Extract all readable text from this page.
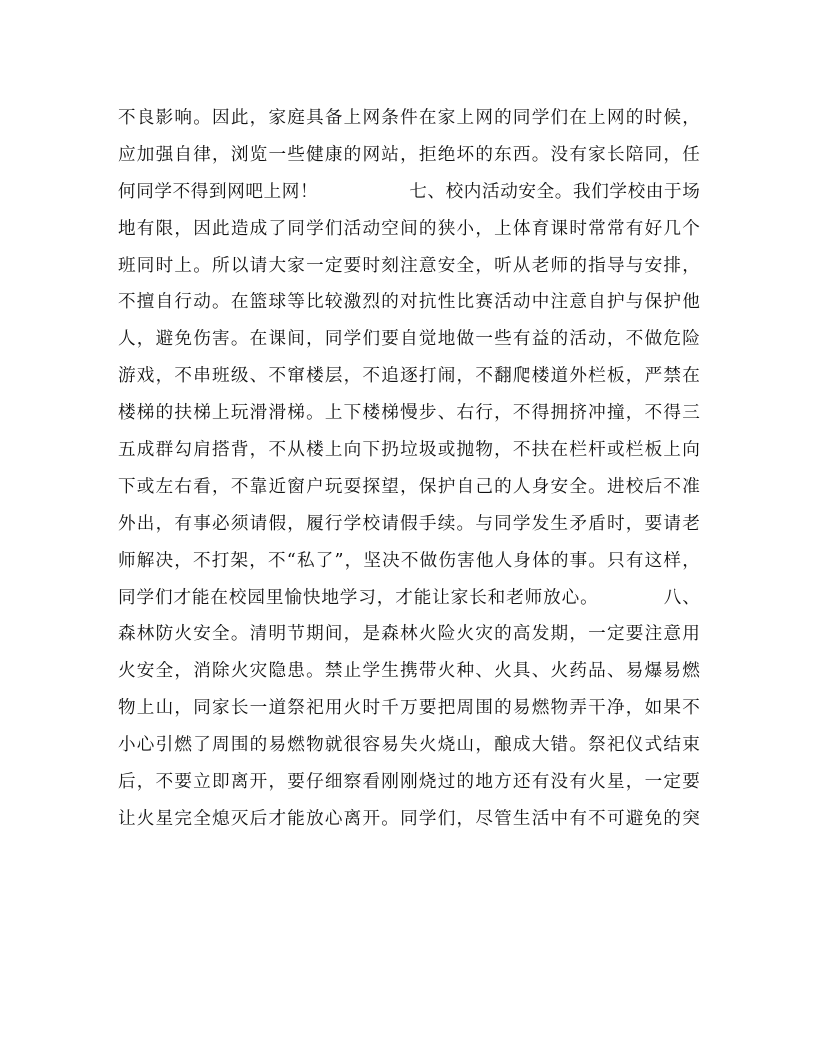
不良影响。因此，家庭具备上网条件在家上网的同学们在上网的时候，
应加强自律，浏览一些健康的网站，拒绝坏的东西。没有家长陪同，任
何同学不得到网吧上网！　　　　　七、校内活动安全。我们学校由于场
地有限，因此造成了同学们活动空间的狭小，上体育课时常常有好几个
班同时上。所以请大家一定要时刻注意安全，听从老师的指导与安排，
不擅自行动。在篮球等比较激烈的对抗性比赛活动中注意自护与保护他
人，避免伤害。在课间，同学们要自觉地做一些有益的活动，不做危险
游戏，不串班级、不窜楼层，不追逐打闹，不翻爬楼道外栏板，严禁在
楼梯的扶梯上玩滑滑梯。上下楼梯慢步、右行，不得拥挤冲撞，不得三
五成群勾肩搭背，不从楼上向下扔垃圾或抛物，不扶在栏杆或栏板上向
下或左右看，不靠近窗户玩耍探望，保护自己的人身安全。进校后不准
外出，有事必须请假，履行学校请假手续。与同学发生矛盾时，要请老
师解决，不打架，不“私了”，坚决不做伤害他人身体的事。只有这样，
同学们才能在校园里愉快地学习，才能让家长和老师放心。　　　　八、
森林防火安全。清明节期间，是森林火险火灾的高发期，一定要注意用
火安全，消除火灾隐患。禁止学生携带火种、火具、火药品、易爆易燃
物上山，同家长一道祭祀用火时千万要把周围的易燃物弄干净，如果不
小心引燃了周围的易燃物就很容易失火烧山，酿成大错。祭祀仪式结束
后，不要立即离开，要仔细察看刚刚烧过的地方还有没有火星，一定要
让火星完全熄灭后才能放心离开。同学们，尽管生活中有不可避免的突
